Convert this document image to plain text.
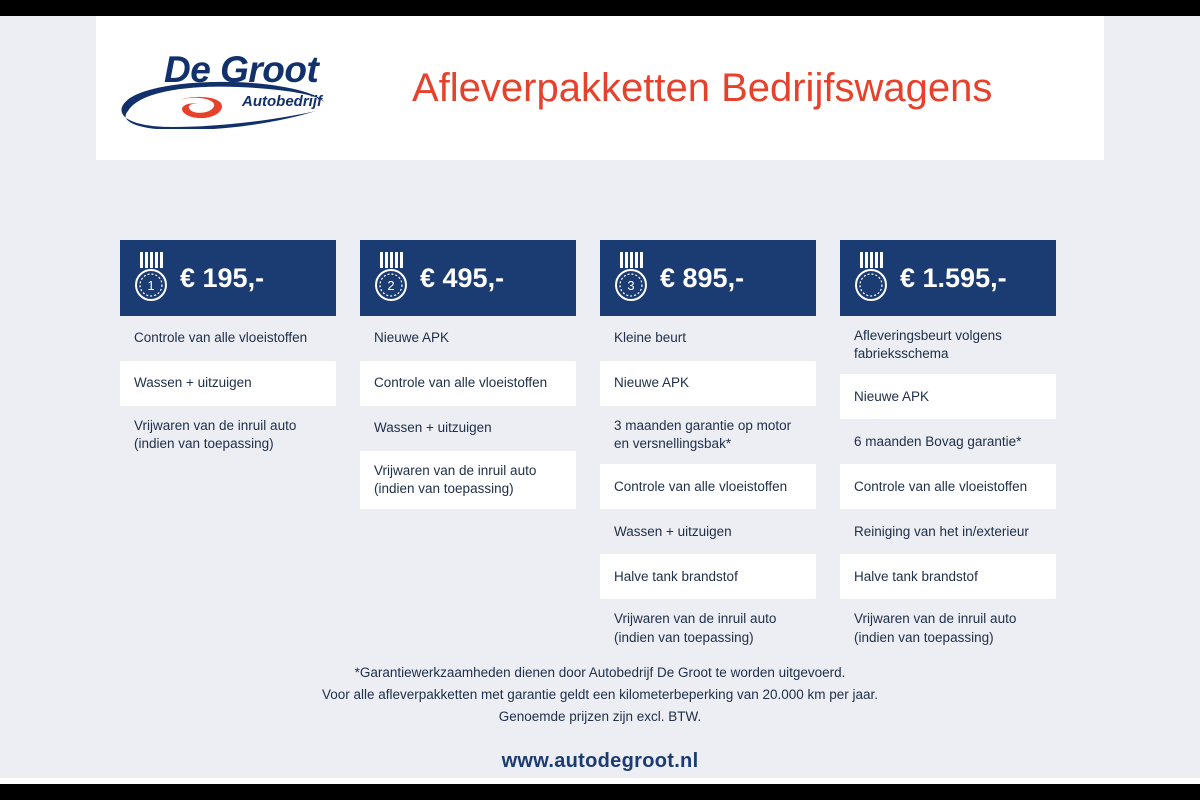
De Groot
Autobedrijf Afleverpakketten Bedrijfswagens
1 € 195,-
Controle van alle vloeistoffen
Wassen + uitzuigen
Vrijwaren van de inruil auto (indien van toepassing)
2 € 495,-
Nieuwe APK
Controle van alle vloeistoffen
Wassen + uitzuigen
Vrijwaren van de inruil auto (indien van toepassing)
3 € 895,-
Kleine beurt
Nieuwe APK
3 maanden garantie op motor en versnellingsbak*
Controle van alle vloeistoffen
Wassen + uitzuigen
Halve tank brandstof
Vrijwaren van de inruil auto (indien van toepassing)
€ 1.595,-
Afleveringsbeurt volgens fabrieksschema
Nieuwe APK
6 maanden Bovag garantie*
Controle van alle vloeistoffen
Reiniging van het in/exterieur
Halve tank brandstof
Vrijwaren van de inruil auto (indien van toepassing)
*Garantiewerkzaamheden dienen door Autobedrijf De Groot te worden uitgevoerd.
Voor alle afleverpakketten met garantie geldt een kilometerbeperking van 20.000 km per jaar.
Genoemde prijzen zijn excl. BTW.
www.autodegroot.nl
